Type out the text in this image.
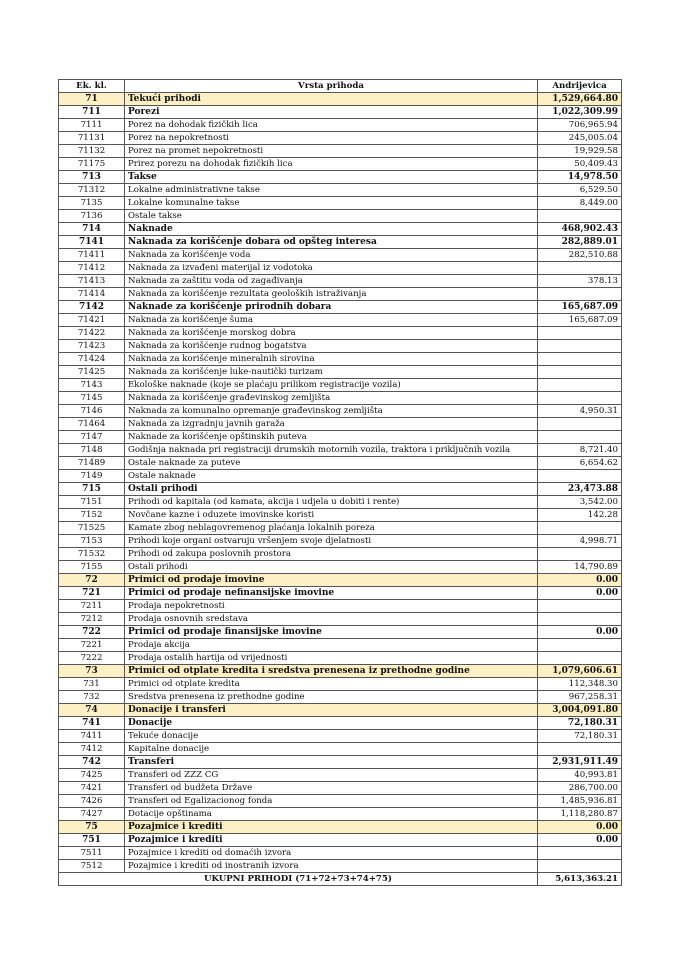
Ek. kl.	Vrsta prihoda	Andrijevica
71	Tekući prihodi	1,529,664.80
711	Porezi	1,022,309.99
7111	Porez na dohodak fizičkih lica	706,965.94
71131	Porez na nepokretnosti	245,005.04
71132	Porez na promet nepokretnosti	19,929.58
71175	Prirez porezu na dohodak fizičkih lica	50,409.43
713	Takse	14,978.50
71312	Lokalne administrativne takse	6,529.50
7135	Lokalne komunalne takse	8,449.00
7136	Ostale takse	
714	Naknade	468,902.43
7141	Naknada za korišćenje dobara od opšteg interesa	282,889.01
71411	Naknada za korišćenje voda	282,510.88
71412	Naknada za izvađeni materijal iz vodotoka	
71413	Naknada za zaštitu voda od zagađivanja	378.13
71414	Naknada za korišćenje rezultata geoloških istraživanja	
7142	Naknade za korišćenje prirodnih dobara	165,687.09
71421	Naknada za korišćenje šuma	165,687.09
71422	Naknada za korišćenje morskog dobra	
71423	Naknada za korišćenje rudnog bogatstva	
71424	Naknada za korišćenje mineralnih sirovina	
71425	Naknada za korišćenje luke-nautički turizam	
7143	Ekološke naknade (koje se plaćaju prilikom registracije vozila)	
7145	Naknada za korišćenje građevinskog zemljišta	
7146	Naknada za komunalno opremanje građevinskog zemljišta	4,950.31
71464	Naknada za izgradnju javnih garaža	
7147	Naknade za korišćenje opštinskih puteva	
7148	Godišnja naknada pri registraciji drumskih motornih vozila, traktora i priključnih vozila	8,721.40
71489	Ostale naknade za puteve	6,654.62
7149	Ostale naknade	
715	Ostali prihodi	23,473.88
7151	Prihodi od kapitala (od kamata, akcija i udjela u dobiti i rente)	3,542.00
7152	Novčane kazne i oduzete imovinske koristi	142.28
71525	Kamate zbog neblagovremenog plaćanja lokalnih poreza	
7153	Prihodi koje organi ostvaruju vršenjem svoje djelatnosti	4,998.71
71532	Prihodi od zakupa poslovnih prostora	
7155	Ostali prihodi	14,790.89
72	Primici od prodaje imovine	0.00
721	Primici od prodaje nefinansijske imovine	0.00
7211	Prodaja nepokretnosti	
7212	Prodaja osnovnih sredstava	
722	Primici od prodaje finansijske imovine	0.00
7221	Prodaja akcija	
7222	Prodaja ostalih hartija od vrijednosti	
73	Primici od otplate kredita i sredstva prenesena iz prethodne godine	1,079,606.61
731	Primici od otplate kredita	112,348.30
732	Sredstva prenesena iz prethodne godine	967,258.31
74	Donacije i transferi	3,004,091.80
741	Donacije	72,180.31
7411	Tekuće donacije	72,180.31
7412	Kapitalne donacije	
742	Transferi	2,931,911.49
7425	Transferi od ZZZ CG	40,993.81
7421	Transferi od budžeta Države	286,700.00
7426	Transferi od Egalizacionog fonda	1,485,936.81
7427	Dotacije opštinama	1,118,280.87
75	Pozajmice i krediti	0.00
751	Pozajmice i krediti	0.00
7511	Pozajmice i krediti od domaćih izvora	
7512	Pozajmice i krediti od inostranih izvora	
UKUPNI PRIHODI (71+72+73+74+75)		5,613,363.21
